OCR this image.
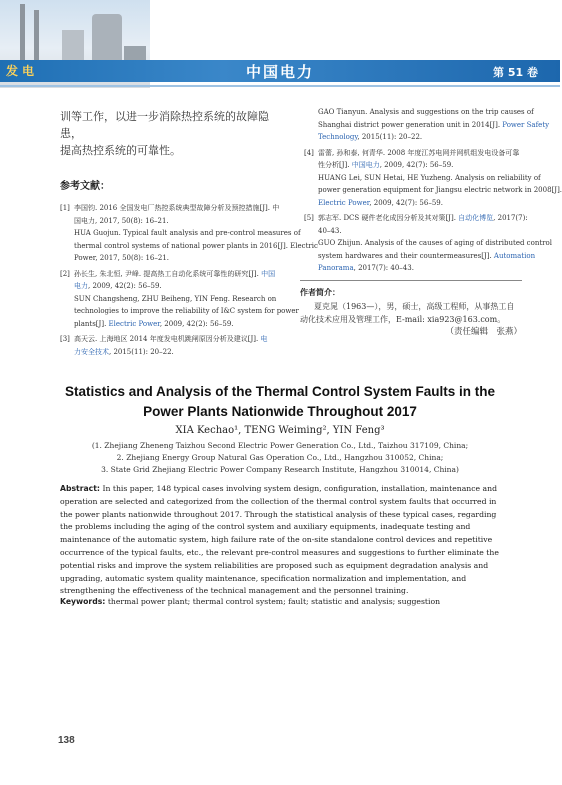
发电	中国电力	第 51 卷

训等工作，以进一步消除热控系统的故障隐患，
提高热控系统的可靠性。

参考文献：
[1] 李国钧. 2016 全国发电厂热控系统典型故障分析及预控措施[J]. 中
国电力, 2017, 50(8): 16–21.
HUA Guojun. Typical fault analysis and pre-control measures of
thermal control systems of national power plants in 2016[J]. Electric
Power, 2017, 50(8): 16–21.
[2] 孙长生, 朱北恒, 尹峰. 提高热工自动化系统可靠性的研究[J]. 中国
电力, 2009, 42(2): 56–59.
SUN Changsheng, ZHU Beiheng, YIN Feng. Research on
technologies to improve the reliability of I&C system for power
plants[J]. Electric Power, 2009, 42(2): 56–59.
[3] 高天云. 上海地区 2014 年度发电机跳闸原因分析及建议[J]. 电
力安全技术, 2015(11): 20–22.
GAO Tianyun. Analysis and suggestions on the trip causes of
Shanghai district power generation unit in 2014[J]. Power Safety
Technology, 2015(11): 20–22.
[4] 雷蕾, 孙和泰, 何青华. 2008 年度江苏电网并网机组发电设备可靠
性分析[J]. 中国电力, 2009, 42(7): 56–59.
HUANG Lei, SUN Hetai, HE Yuzheng. Analysis on reliability of
power generation equipment for Jiangsu electric network in 2008[J].
Electric Power, 2009, 42(7): 56–59.
[5] 郭志军. DCS 硬件老化成因分析及其对策[J]. 自动化博览, 2017(7):
40–43.
GUO Zhijun. Analysis of the causes of aging of distributed control
system hardwares and their countermeasures[J]. Automation
Panorama, 2017(7): 40–43.
作者简介：

夏克晁（1963—），男，硕士，高级工程师，从事热工自动化技术应用及管理工作，E-mail: xia923@163.com。

（责任编辑　张燕）
Statistics and Analysis of the Thermal Control System Faults in the Power Plants Nationwide Throughout 2017

XIA Kechao¹, TENG Weiming², YIN Feng³

(1. Zhejiang Zheneng Taizhou Second Electric Power Generation Co., Ltd., Taizhou 317109, China;
2. Zhejiang Energy Group Natural Gas Operation Co., Ltd., Hangzhou 310052, China;
3. State Grid Zhejiang Electric Power Company Research Institute, Hangzhou 310014, China)

Abstract: In this paper, 148 typical cases involving system design, configuration, installation, maintenance and operation are selected and categorized from the collection of the thermal control system faults that occurred in the power plants nationwide throughout 2017. Through the statistical analysis of these typical cases, regarding the problems including the aging of the control system and auxiliary equipments, inadequate testing and maintenance of the automatic system, high failure rate of the on-site standalone control devices and repetitive occurrence of the typical faults, etc., the relevant pre-control measures and suggestions to further eliminate the potential risks and improve the system reliabilities are proposed such as equipment degradation analysis and upgrading, automatic system quality maintenance, specification normalization and implementation, and strengthening the effectiveness of the technical management and the personnel training.

Keywords: thermal power plant; thermal control system; fault; statistic and analysis; suggestion

138
